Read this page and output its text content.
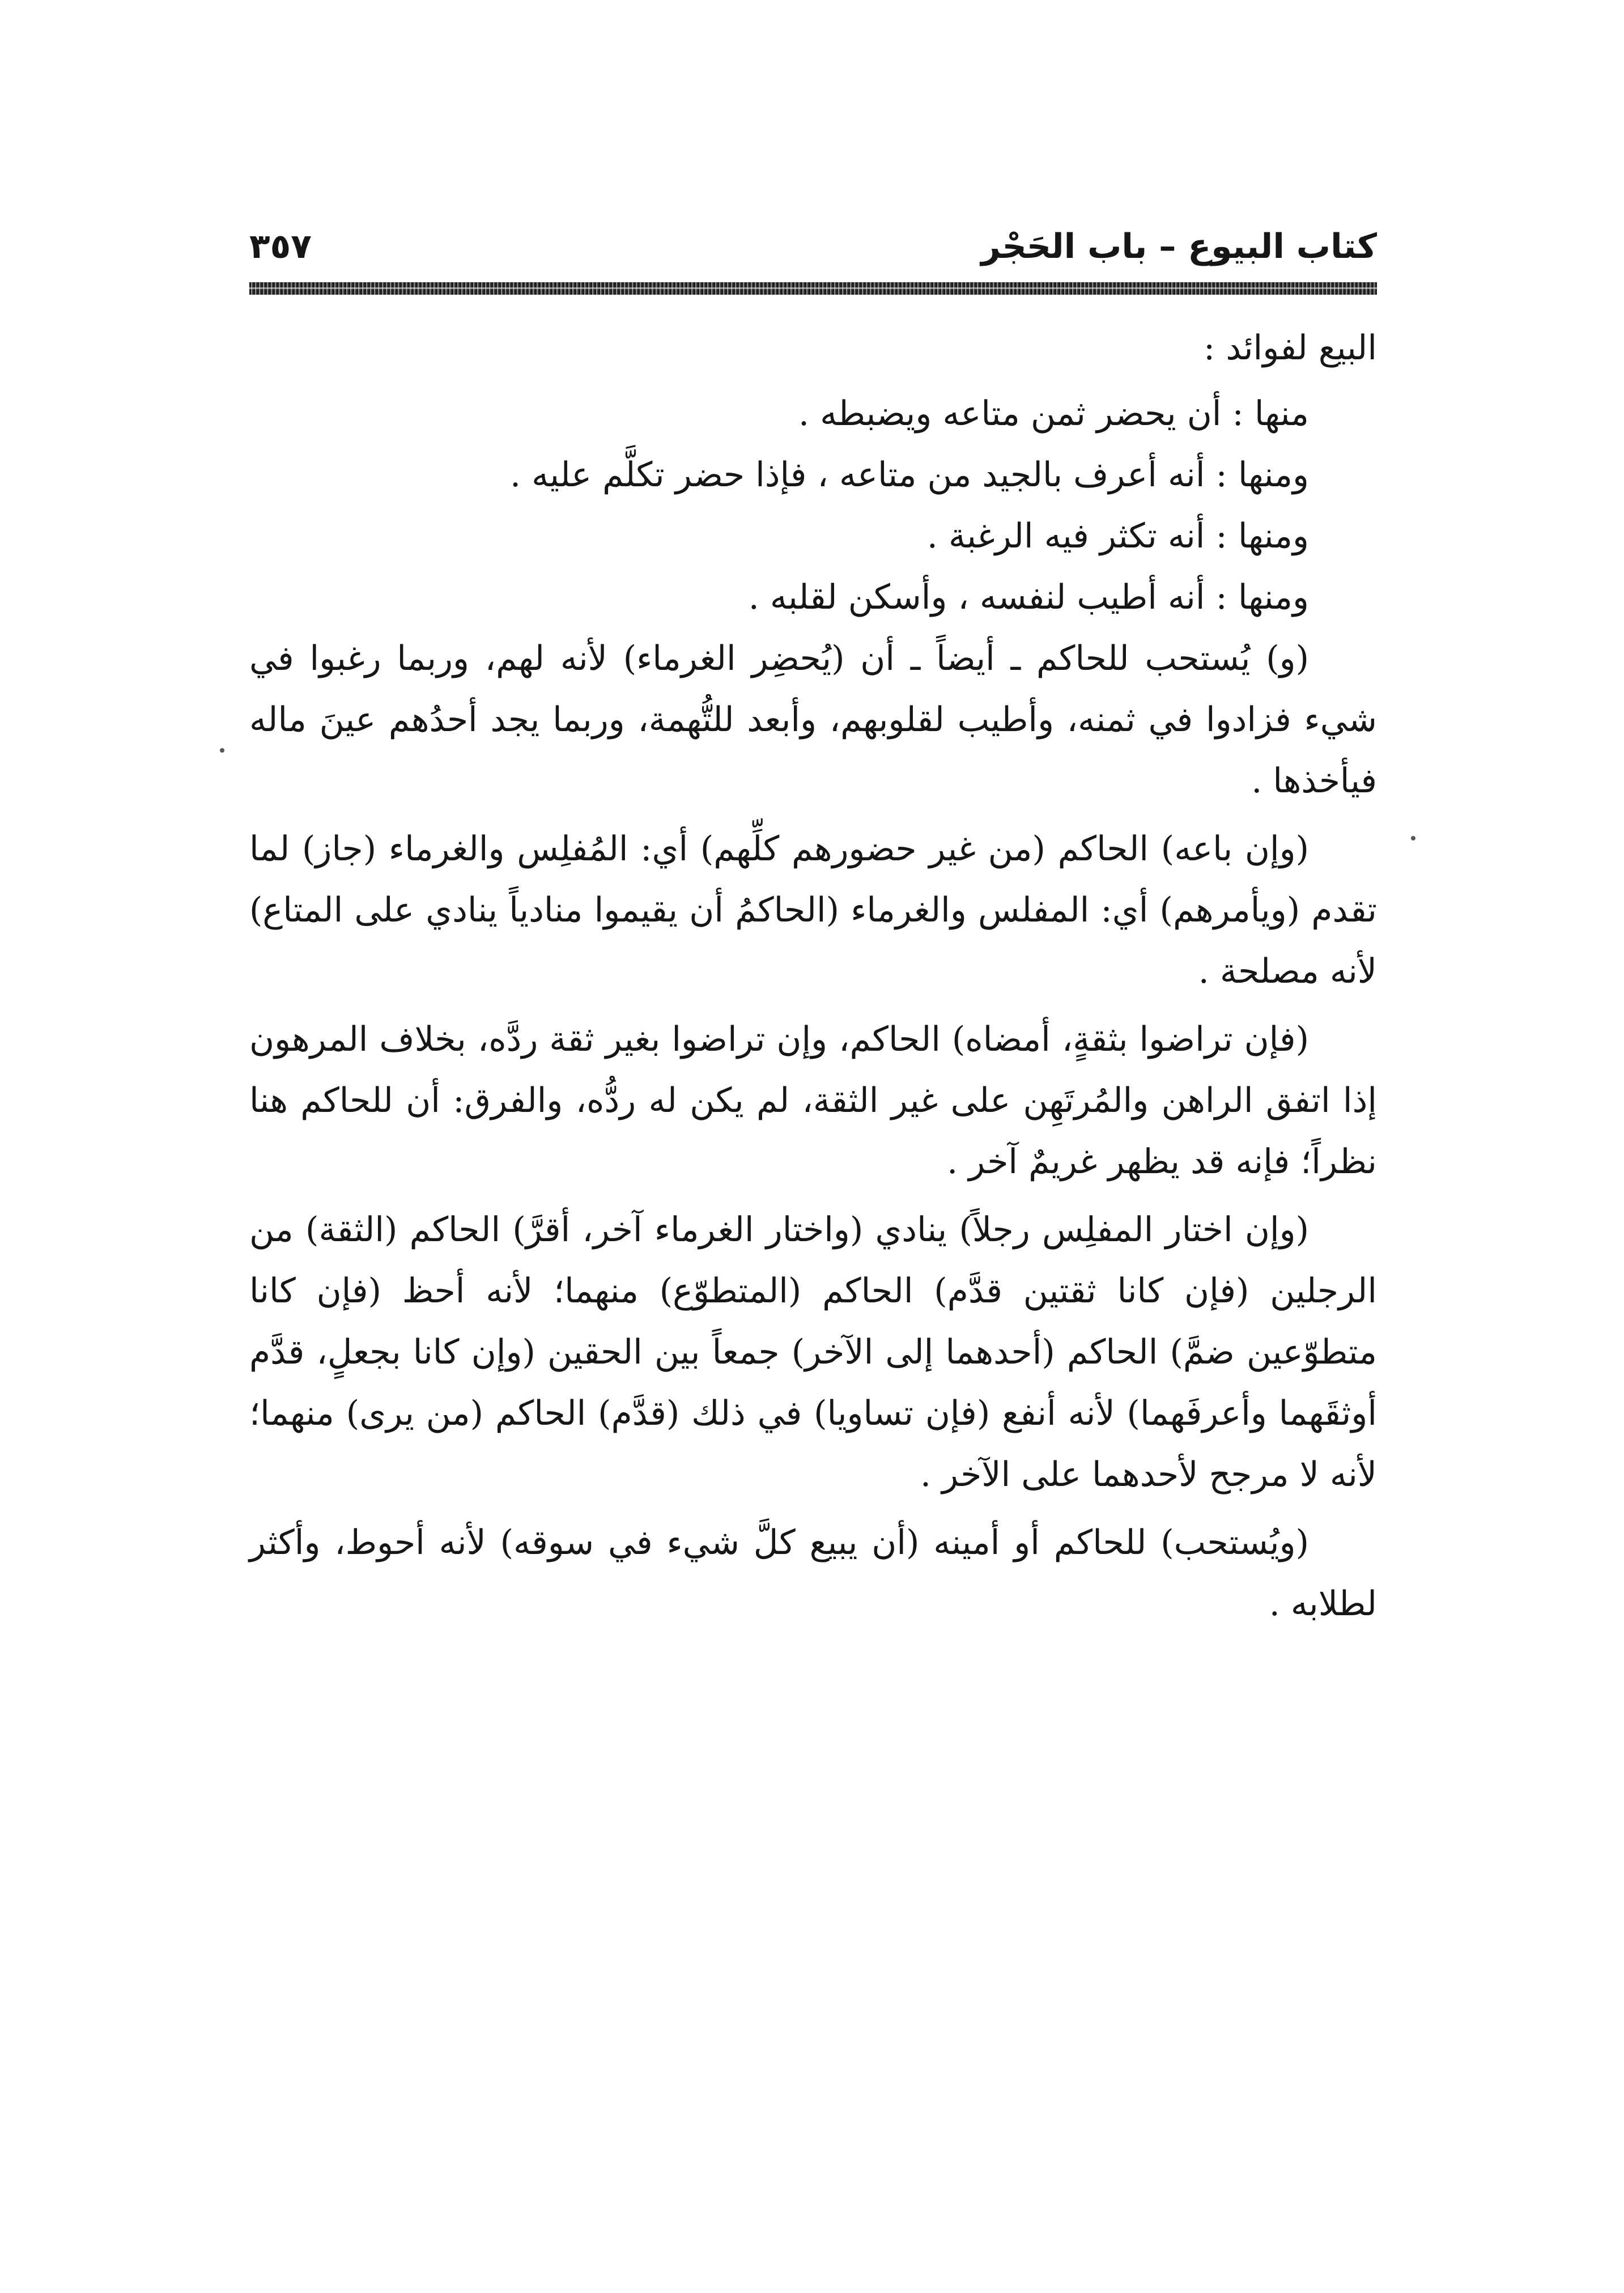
٣٥٧	كتاب البيوع – باب الحَجْر

البيع لفوائد :

منها : أن يحضر ثمن متاعه ويضبطه .

ومنها : أنه أعرف بالجيد من متاعه ، فإذا حضر تكلَّم عليه .

ومنها : أنه تكثر فيه الرغبة .

ومنها : أنه أطيب لنفسه ، وأسكن لقلبه .

(و) يُستحب للحاكم ـ أيضاً ـ أن (يُحضِر الغرماء) لأنه لهم، وربما رغبوا في شيء فزادوا في ثمنه، وأطيب لقلوبهم، وأبعد للتُّهمة، وربما يجد أحدُهم عينَ ماله فيأخذها .

(وإن باعه) الحاكم (من غير حضورهم كلِّهم) أي: المُفلِس والغرماء (جاز) لما تقدم (ويأمرهم) أي: المفلس والغرماء (الحاكمُ أن يقيموا منادياً ينادي على المتاع) لأنه مصلحة .

(فإن تراضوا بثقةٍ، أمضاه) الحاكم، وإن تراضوا بغير ثقة ردَّه، بخلاف المرهون إذا اتفق الراهن والمُرتَهِن على غير الثقة، لم يكن له ردُّه، والفرق: أن للحاكم هنا نظراً؛ فإنه قد يظهر غريمٌ آخر .

(وإن اختار المفلِس رجلاً) ينادي (واختار الغرماء آخر، أقرَّ) الحاكم (الثقة) من الرجلين (فإن كانا ثقتين قدَّم) الحاكم (المتطوّع) منهما؛ لأنه أحظ (فإن كانا متطوّعين ضمَّ) الحاكم (أحدهما إلى الآخر) جمعاً بين الحقين (وإن كانا بجعلٍ، قدَّم أوثقَهما وأعرفَهما) لأنه أنفع (فإن تساويا) في ذلك (قدَّم) الحاكم (من يرى) منهما؛ لأنه لا مرجح لأحدهما على الآخر .

(ويُستحب) للحاكم أو أمينه (أن يبيع كلَّ شيء في سوقه) لأنه أحوط، وأكثر لطلابه .
